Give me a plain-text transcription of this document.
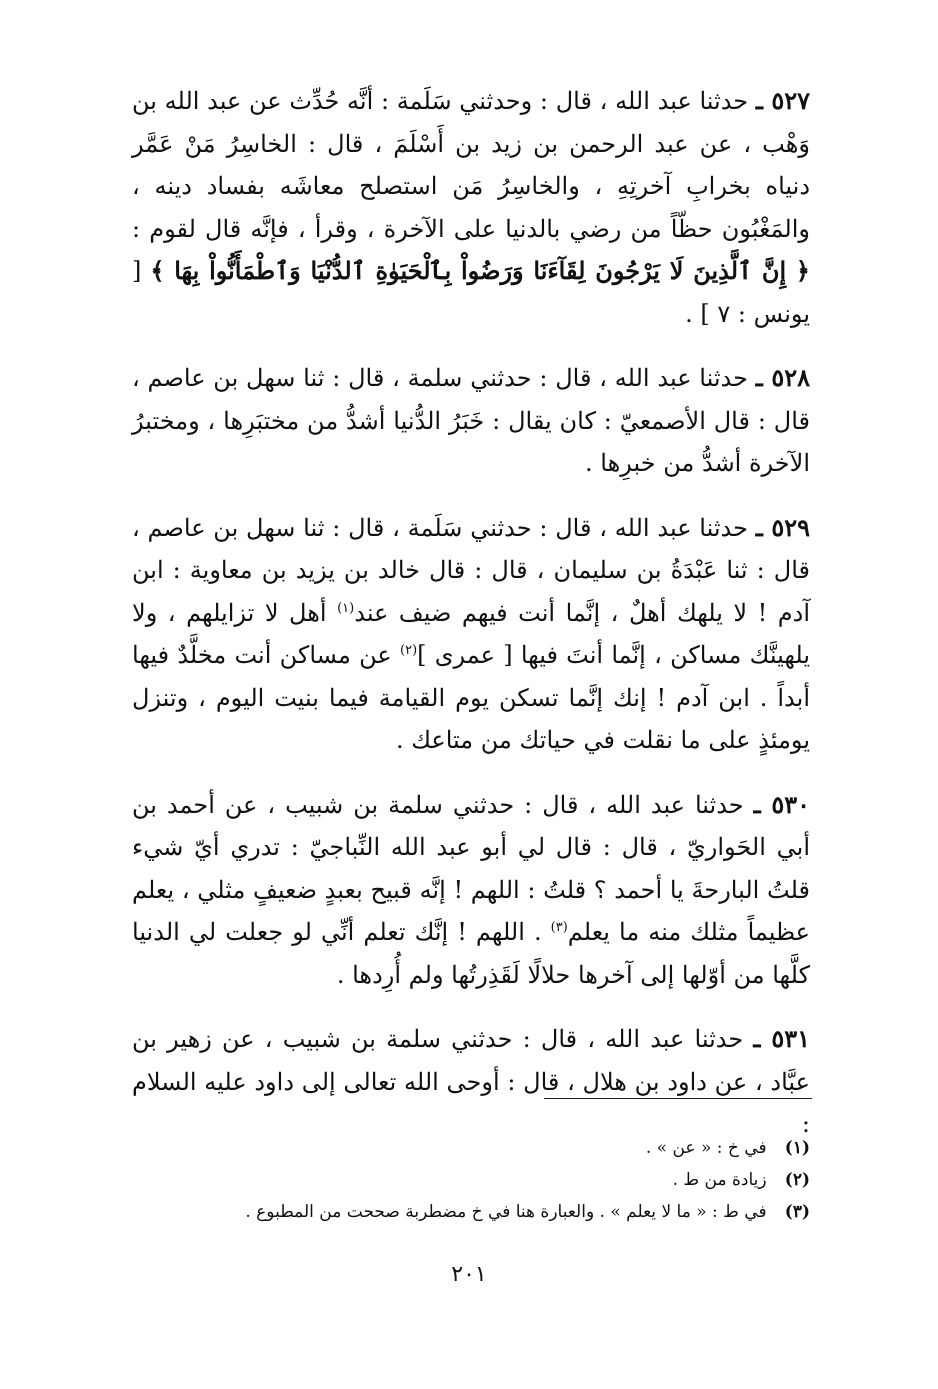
٥٢٧ ـ حدثنا عبد الله ، قال : وحدثني سَلَمة : أنَّه حُدِّث عن عبد الله بن وَهْب ، عن عبد الرحمن بن زيد بن أَسْلَمَ ، قال : الخاسِرُ مَنْ عَمَّر دنياه بخرابِ آخرتِهِ ، والخاسِرُ مَن استصلح معاشَه بفساد دينه ، والمَغْبُون حظّاً من رضي بالدنيا على الآخرة ، وقرأ ، فإنَّه قال لقوم : ﴿ إِنَّ ٱلَّذِينَ لَا يَرْجُونَ لِقَآءَنَا وَرَضُواْ بِٱلْحَيَوٰةِ ٱلدُّنْيَا وَٱطْمَأَنُّواْ بِهَا ﴾ [ يونس : ٧ ] .

٥٢٨ ـ حدثنا عبد الله ، قال : حدثني سلمة ، قال : ثنا سهل بن عاصم ، قال : قال الأصمعيّ : كان يقال : خَبَرُ الدُّنيا أشدُّ من مختبَرِها ، ومختبرُ الآخرة أشدُّ من خبرِها .

٥٢٩ ـ حدثنا عبد الله ، قال : حدثني سَلَمة ، قال : ثنا سهل بن عاصم ، قال : ثنا عَبْدَةُ بن سليمان ، قال : قال خالد بن يزيد بن معاوية : ابن آدم ! لا يلهك أهلٌ ، إنَّما أنت فيهم ضيف عند$^{(١)}$ أهل لا تزايلهم ، ولا يلهينَّك مساكن ، إنَّما أنتَ فيها [ عمرى ]$^{(٢)}$ عن مساكن أنت مخلَّدٌ فيها أبداً . ابن آدم ! إنك إنَّما تسكن يوم القيامة فيما بنيت اليوم ، وتنزل يومئذٍ على ما نقلت في حياتك من متاعك .

٥٣٠ ـ حدثنا عبد الله ، قال : حدثني سلمة بن شبيب ، عن أحمد بن أبي الحَواريّ ، قال : قال لي أبو عبد الله النِّباجيّ : تدري أيّ شيء قلتُ البارحةَ يا أحمد ؟ قلتُ : اللهم ! إنَّه قبيح بعبدٍ ضعيفٍ مثلي ، يعلم عظيماً مثلك منه ما يعلم$^{(٣)}$ . اللهم ! إنَّك تعلم أنِّي لو جعلت لي الدنيا كلَّها من أوّلها إلى آخرها حلالًا لَقَذِرتُها ولم أُرِدها .

٥٣١ ـ حدثنا عبد الله ، قال : حدثني سلمة بن شبيب ، عن زهير بن عبَّاد ، عن داود بن هلال ، قال : أوحى الله تعالى إلى داود عليه السلام :

(١) في خ : « عن » .

(٢) زيادة من ط .

(٣) في ط : « ما لا يعلم » . والعبارة هنا في خ مضطربة صححت من المطبوع .

٢٠١
